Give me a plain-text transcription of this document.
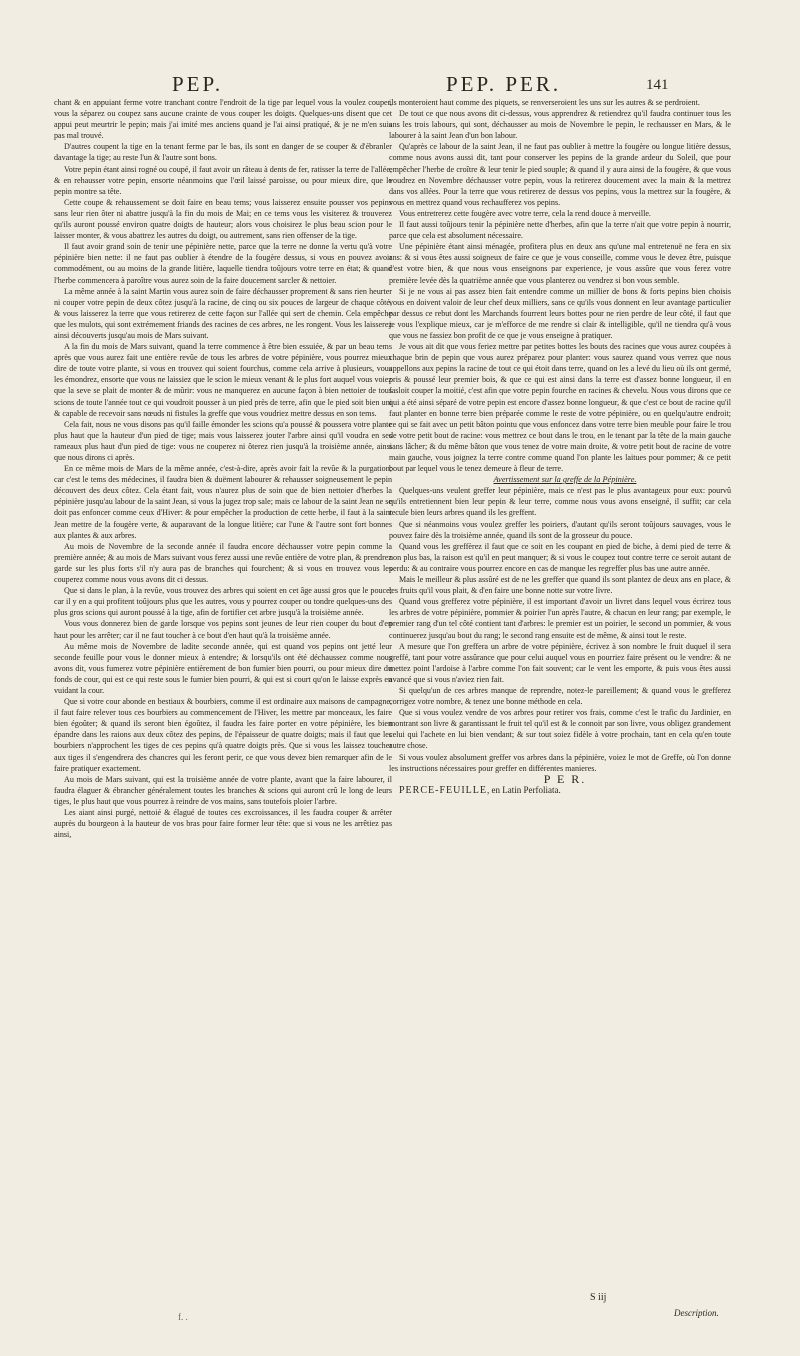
PEP.	PEP. PER.	141

chant & en appuiant ferme votre tranchant contre l'endroit de la tige par lequel vous la voulez couper, vous la séparez ou coupez sans aucune crainte de vous couper les doigts. Quelques-uns disent que cet appui peut meurtrir le pepin; mais j'ai imité mes anciens quand je l'ai ainsi pratiqué, & je ne m'en suis pas mal trouvé.

D'autres coupent la tige en la tenant ferme par le bas, ils sont en danger de se couper & d'ébranler davantage la tige; au reste l'un & l'autre sont bons.

Votre pepin étant ainsi rogné ou coupé, il faut avoir un râteau à dents de fer, ratisser la terre de l'allée, & en rehausser votre pepin, ensorte néanmoins que l'œil laissé paroisse, ou pour mieux dire, que le pepin montre sa tête.

Cette coupe & rehaussement se doit faire en beau tems; vous laisserez ensuite pousser vos pepins sans leur rien ôter ni abattre jusqu'à la fin du mois de Mai; en ce tems vous les visiterez & trouverez qu'ils auront poussé environ quatre doigts de hauteur; alors vous choisirez le plus beau scion pour le laisser monter, & vous abattrez les autres du doigt, ou autrement, sans rien offenser de la tige.

Il faut avoir grand soin de tenir une pépinière nette, parce que la terre ne donne la vertu qu'à votre pépinière bien nette: il ne faut pas oublier à étendre de la fougère dessus, si vous en pouvez avoir commodément, ou au moins de la grande litière, laquelle tiendra toûjours votre terre en état; & quand l'herbe commencera à paroître vous aurez soin de la faire doucement sarcler & nettoier.

La même année à la saint Martin vous aurez soin de faire déchausser proprement & sans rien heurter ni couper votre pepin de deux côtez jusqu'à la racine, de cinq ou six pouces de largeur de chaque côté, & vous laisserez la terre que vous retirerez de cette façon sur l'allée qui sert de chemin. Cela empêche que les mulots, qui sont extrémement friands des racines de ces arbres, ne les rongent. Vous les laisserez ainsi découverts jusqu'au mois de Mars suivant.

A la fin du mois de Mars suivant, quand la terre commence à être bien essuiée, & par un beau tems après que vous aurez fait une entière revûe de tous les arbres de votre pépinière, vous pourrez mieux dire de toute votre plante, si vous en trouvez qui soient fourchus, comme cela arrive à plusieurs, vous les émondrez, ensorte que vous ne laissiez que le scion le mieux venant & le plus fort auquel vous voiez que la seve se plait de monter & de mûrir: vous ne manquerez en aucune façon à bien nettoier de tous scions de toute l'année tout ce qui voudroit pousser à un pied près de terre, afin que le pied soit bien uni & capable de recevoir sans nœuds ni fistules la greffe que vous voudriez mettre dessus en son tems.

Cela fait, nous ne vous disons pas qu'il faille émonder les scions qu'a poussé & poussera votre plante plus haut que la hauteur d'un pied de tige; mais vous laisserez jouter l'arbre ainsi qu'il voudra en ses rameaux plus haut d'un pied de tige: vous ne couperez ni ôterez rien jusqu'à la troisième année, ainsi que nous dirons ci après.

En ce même mois de Mars de la même année, c'est-à-dire, après avoir fait la revûe & la purgation; car c'est le tems des médecines, il faudra bien & duëment labourer & rehausser soigneusement le pepin découvert des deux côtez. Cela étant fait, vous n'aurez plus de soin que de bien nettoier d'herbes la pépinière jusqu'au labour de la saint Jean, si vous la jugez trop sale; mais ce labour de la saint Jean ne se doit pas enfoncer comme ceux d'Hiver: & pour empêcher la production de cette herbe, il faut à la saint Jean mettre de la fougère verte, & auparavant de la longue litière; car l'une & l'autre sont fort bonnes aux plantes & aux arbres.

Au mois de Novembre de la seconde année il faudra encore déchausser votre pepin comme la première année; & au mois de Mars suivant vous ferez aussi une revûe entière de votre plan, & prendrez garde sur les plus forts s'il n'y aura pas de branches qui fourchent; & si vous en trouvez vous les couperez comme nous vous avons dit ci dessus.

Que si dans le plan, à la revûe, vous trouvez des arbres qui soient en cet âge aussi gros que le pouce; car il y en a qui profitent toûjours plus que les autres, vous y pourrez couper ou tondre quelques-uns des plus gros scions qui auront poussé à la tige, afin de fortifier cet arbre jusqu'à la troisième année.

Vous vous donnerez bien de garde lorsque vos pepins sont jeunes de leur rien couper du bout d'en haut pour les arrêter; car il ne faut toucher à ce bout d'en haut qu'à la troisième année.

Au même mois de Novembre de ladite seconde année, qui est quand vos pepins ont jetté leur seconde feuille pour vous le donner mieux à entendre; & lorsqu'ils ont été déchaussez comme nous avons dit, vous fumerez votre pépinière entièrement de bon fumier bien pourri, ou pour mieux dire du fonds de cour, qui est ce qui reste sous le fumier bien pourri, & qui est si court qu'on le laisse exprès en vuidant la cour.

Que si votre cour abonde en bestiaux & bourbiers, comme il est ordinaire aux maisons de campagne, il faut faire relever tous ces bourbiers au commencement de l'Hiver, les mettre par monceaux, les faire bien égoûter; & quand ils seront bien égoûtez, il faudra les faire porter en votre pépinière, les bien épandre dans les raions aux deux côtez des pepins, de l'épaisseur de quatre doigts; mais il faut que les bourbiers n'approchent les tiges de ces pepins qu'à quatre doigts près. Que si vous les laissez toucher aux tiges il s'engendrera des chancres qui les feront perir, ce que vous devez bien remarquer afin de le faire pratiquer exactement.

Au mois de Mars suivant, qui est la troisième année de votre plante, avant que la faire labourer, il faudra élaguer & ébrancher généralement toutes les branches & scions qui auront crû le long de leurs tiges, le plus haut que vous pourrez à reindre de vos mains, sans toutefois ploier l'arbre.

Les aiant ainsi purgé, nettoié & élagué de toutes ces excroissances, il les faudra couper & arrêter auprès du bourgeon à la hauteur de vos bras pour faire former leur tête: que si vous ne les arrêtiez pas ainsi,

ils monteroient haut comme des piquets, se renverseroient les uns sur les autres & se perdroient.

De tout ce que nous avons dit ci-dessus, vous apprendrez & retiendrez qu'il faudra continuer tous les ans les trois labours, qui sont, déchausser au mois de Novembre le pepin, le rechausser en Mars, & le labourer à la saint Jean d'un bon labour.

Qu'après ce labour de la saint Jean, il ne faut pas oublier à mettre la fougère ou longue litière dessus, comme nous avons aussi dit, tant pour conserver les pepins de la grande ardeur du Soleil, que pour empêcher l'herbe de croître & leur tenir le pied souple; & quand il y aura ainsi de la fougère, & que vous voudrez en Novembre déchausser votre pepin, vous la retirerez doucement avec la main & la mettrez dans vos allées. Pour la terre que vous retirerez de dessus vos pepins, vous la mettrez sur la fougère, & vous en mettrez quand vous rechaufferez vos pepins.

Vous entretrerez cette fougère avec votre terre, cela la rend douce à merveille.

Il faut aussi toûjours tenir la pépinière nette d'herbes, afin que la terre n'ait que votre pepin à nourrir, parce que cela est absolument nécessaire.

Une pépinière étant ainsi ménagée, profitera plus en deux ans qu'une mal entretenuë ne fera en six ans: & si vous êtes aussi soigneux de faire ce que je vous conseille, comme vous le devez être, puisque c'est votre bien, & que nous vous enseignons par experience, je vous assûre que vous ferez votre première levée dès la quatrième année que vous planterez ou vendrez si bon vous semble.

Si je ne vous ai pas assez bien fait entendre comme un millier de bons & forts pepins bien choisis vous en doivent valoir de leur chef deux milliers, sans ce qu'ils vous donnent en leur avantage particulier par dessus ce rebut dont les Marchands fourrent leurs bottes pour ne rien perdre de leur côté, il faut que je vous l'explique mieux, car je m'efforce de me rendre si clair & intelligible, qu'il ne tiendra qu'à vous que vous ne fassiez bon profit de ce que je vous enseigne à pratiquer.

Je vous ait dit que vous feriez mettre par petites bottes les bouts des racines que vous aurez coupées à chaque brin de pepin que vous aurez préparez pour planter: vous saurez quand vous verrez que nous appellons aux pepins la racine de tout ce qui étoit dans terre, quand on les a levé du lieu où ils ont germé, pris & poussé leur premier bois, & que ce qui est ainsi dans la terre est d'assez bonne longueur, il en fasloit couper la moitié, c'est afin que votre pepin fourche en racines & chevelu. Nous vous dirons que ce qui a été ainsi séparé de votre pepin est encore d'assez bonne longueur, & que c'est ce bout de racine qu'il faut planter en bonne terre bien préparée comme le reste de votre pépinière, ou en quelqu'autre endroit; ce qui se fait avec un petit bâton pointu que vous enfoncez dans votre terre bien meuble pour faire le trou de votre petit bout de racine: vous mettrez ce bout dans le trou, en le tenant par la tête de la main gauche sans lâcher; & du même bâton que vous tenez de votre main droite, & votre petit bout de racine de votre main gauche, vous joignez la terre contre comme quand l'on plante les laitues pour pommer; & ce petit bout par lequel vous le tenez demeure à fleur de terre.

Avertissement sur la greffe de la Pépinière.

Quelques-uns veulent greffer leur pépinière, mais ce n'est pas le plus avantageux pour eux: pourvû qu'ils entretiennent bien leur pepin & leur terre, comme nous vous avons enseigné, il suffit; car cela recule bien leurs arbres quand ils les greffent.

Que si néanmoins vous voulez greffer les poiriers, d'autant qu'ils seront toûjours sauvages, vous le pouvez faire dès la troisième année, quand ils sont de la grosseur du pouce.

Quand vous les greffèrez il faut que ce soit en les coupant en pied de biche, à demi pied de terre & non plus bas, la raison est qu'il en peut manquer; & si vous le coupez tout contre terre ce seroit autant de perdu: & au contraire vous pourrez encore en cas de manque les regreffer plus bas une autre année.

Mais le meilleur & plus assûré est de ne les greffer que quand ils sont plantez de deux ans en place, & les fruits qu'il vous plait, & d'en faire une bonne notte sur votre livre.

Quand vous grefferez votre pépinière, il est important d'avoir un livret dans lequel vous écrirez tous les arbres de votre pépinière, pommier & poirier l'un après l'autre, & chacun en leur rang; par exemple, le premier rang d'un tel côté contient tant d'arbres: le premier est un poirier, le second un pommier, & vous continuerez jusqu'au bout du rang; le second rang ensuite est de même, & ainsi tout le reste.

A mesure que l'on greffera un arbre de votre pépinière, écrivez à son nombre le fruit duquel il sera greffé, tant pour votre assûrance que pour celui auquel vous en pourriez faire présent ou le vendre: & ne mettez point l'ardoise à l'arbre comme l'on fait souvent; car le vent les emporte, & puis vous êtes aussi avancé que si vous n'aviez rien fait.

Si quelqu'un de ces arbres manque de reprendre, notez-le pareillement; & quand vous le grefferez corrigez votre nombre, & tenez une bonne méthode en cela.

Que si vous voulez vendre de vos arbres pour retirer vos frais, comme c'est le trafic du Jardinier, en montrant son livre & garantissant le fruit tel qu'il est & le connoit par son livre, vous obligez grandement celui qui l'achete en lui bien vendant; & sur tout soiez fidèle à votre prochain, tant en cela qu'en toute autre chose.

Si vous voulez absolument greffer vos arbres dans la pépinière, voiez le mot de Greffe, où l'on donne les instructions nécessaires pour greffer en différentes manieres.

P E R.

PERCE-FEUILLE, en Latin Perfoliata.

f. .
S iij
Description.
